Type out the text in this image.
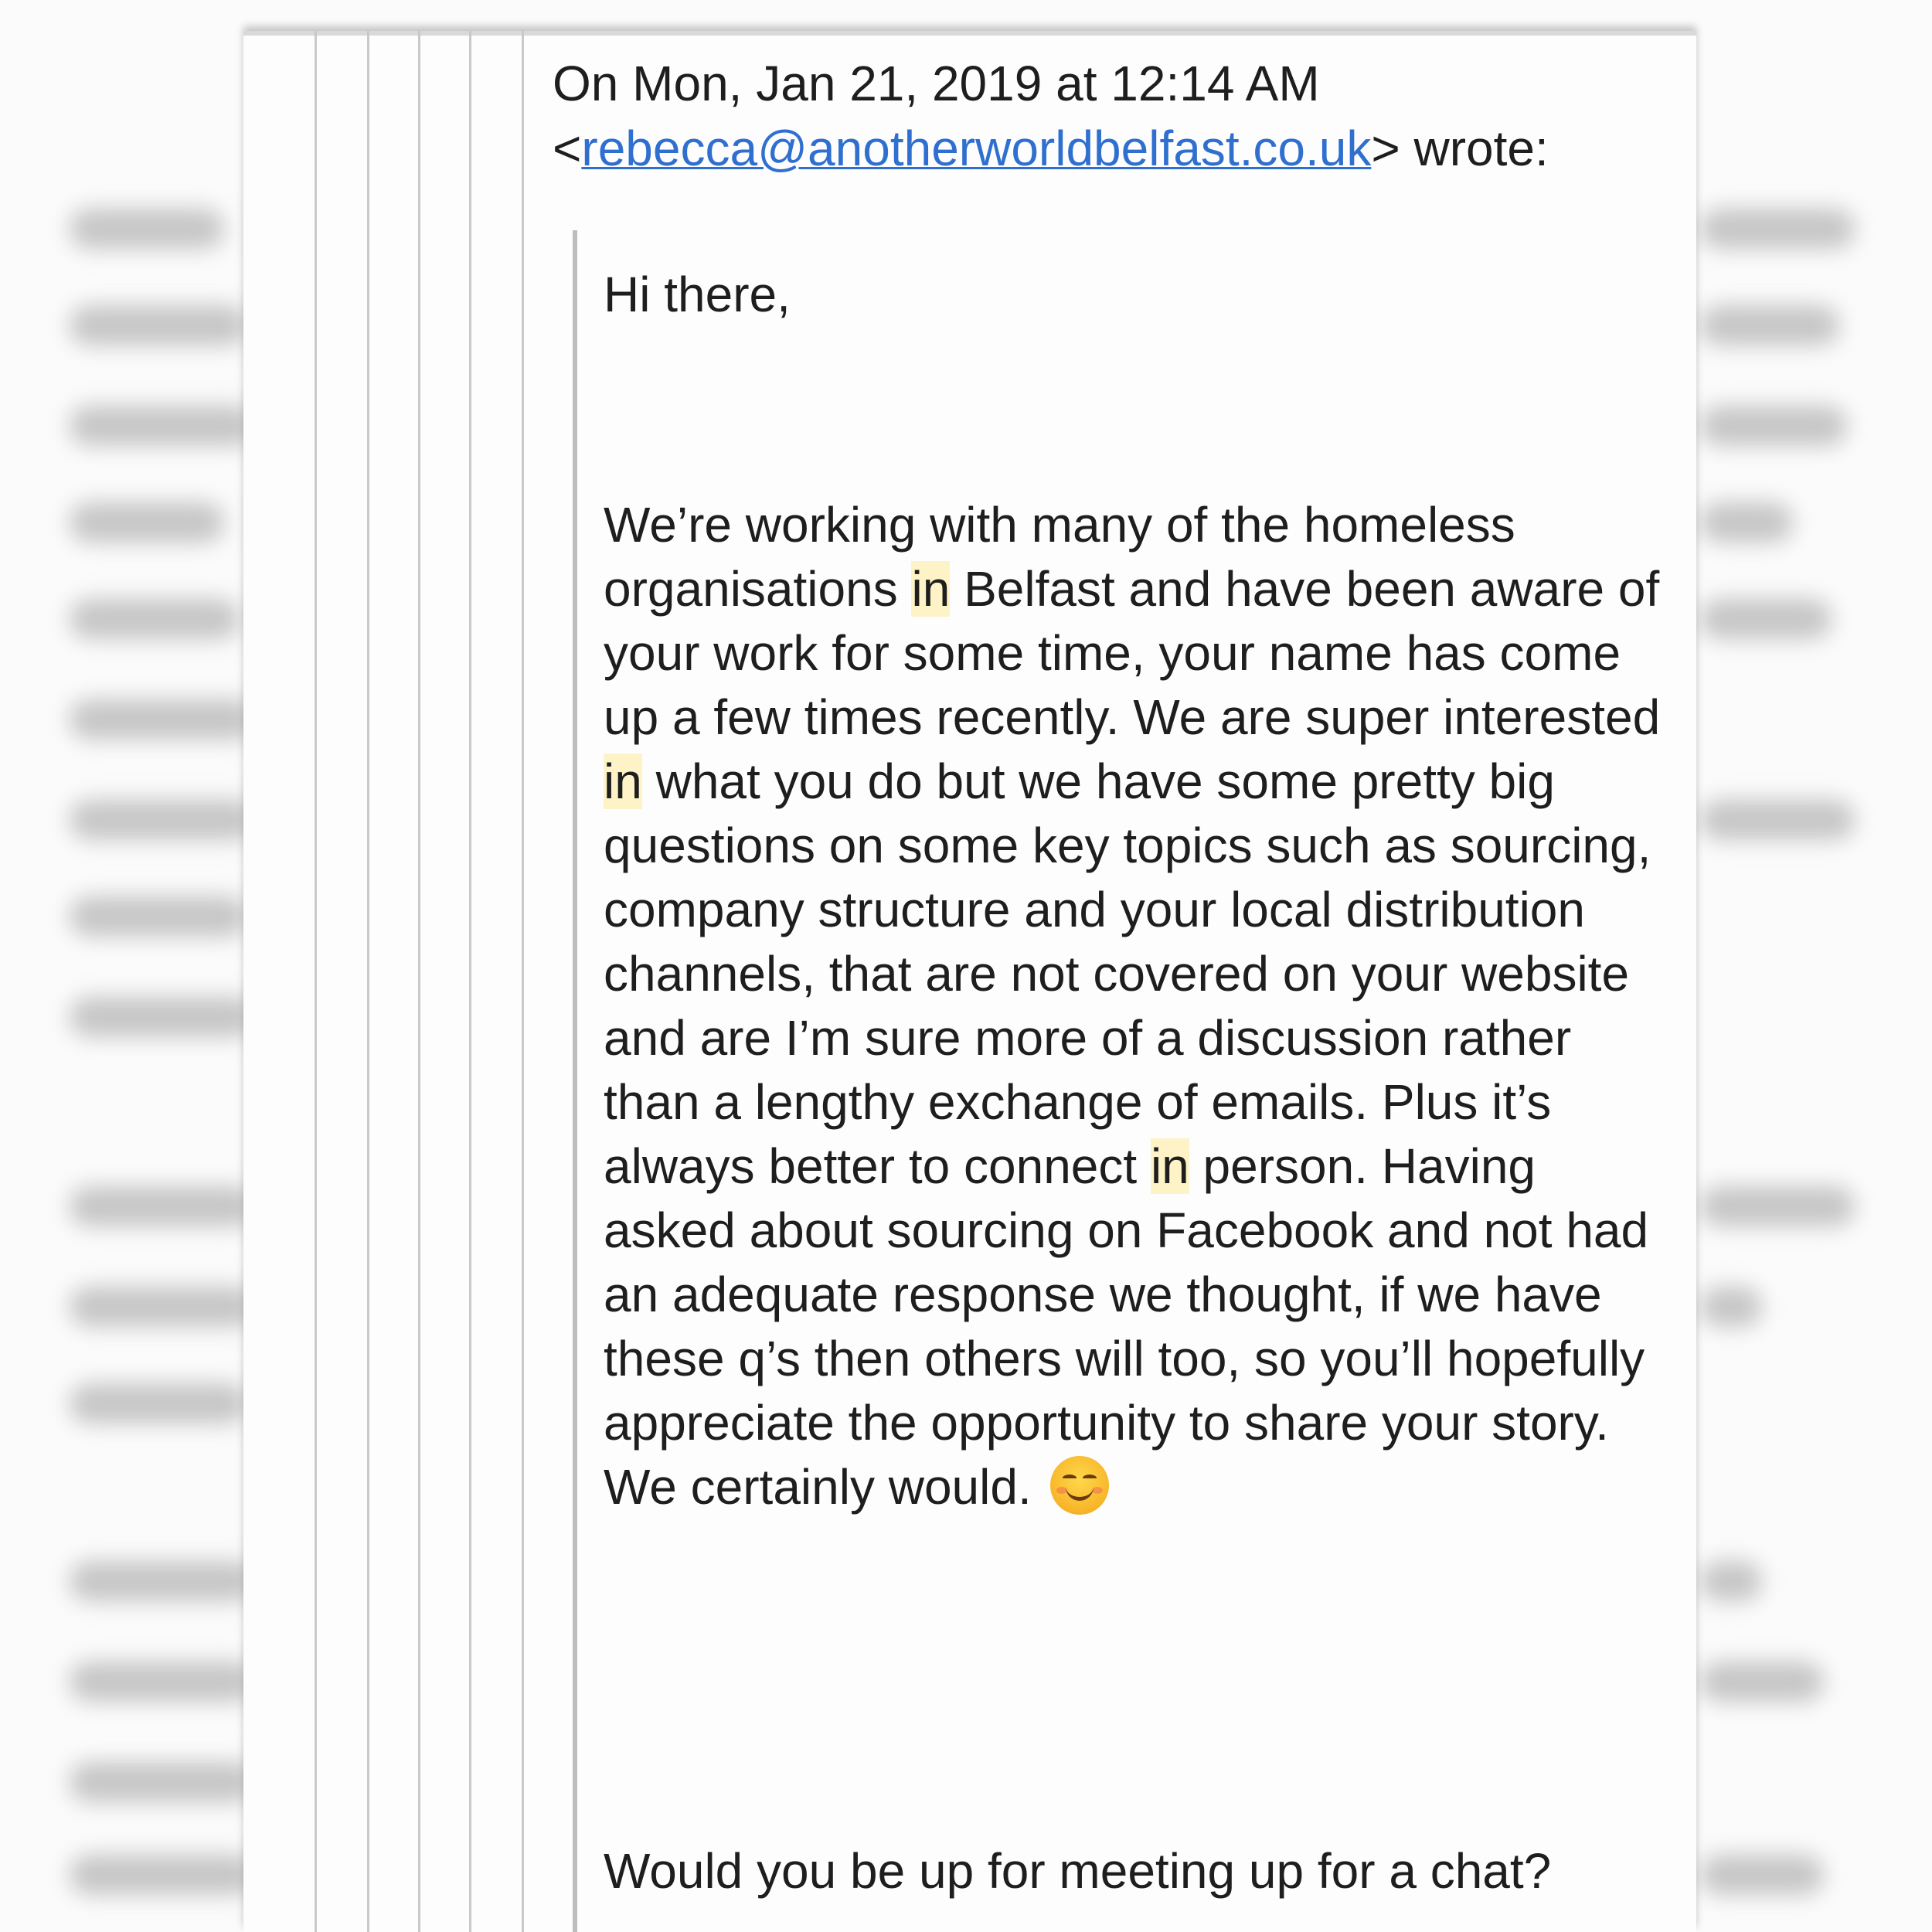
On Mon, Jan 21, 2019 at 12:14 AM
<rebecca@anotherworldbelfast.co.uk> wrote:
Hi there,
We’re working with many of the homeless organisations in Belfast and have been aware of your work for some time, your name has come up a few times recently. We are super interested in what you do but we have some pretty big questions on some key topics such as sourcing, company structure and your local distribution channels, that are not covered on your website and are I’m sure more of a discussion rather than a lengthy exchange of emails. Plus it’s always better to connect in person. Having asked about sourcing on Facebook and not had an adequate response we thought, if we have these q’s then others will too, so you’ll hopefully appreciate the opportunity to share your story. We certainly would.
Would you be up for meeting up for a chat?
